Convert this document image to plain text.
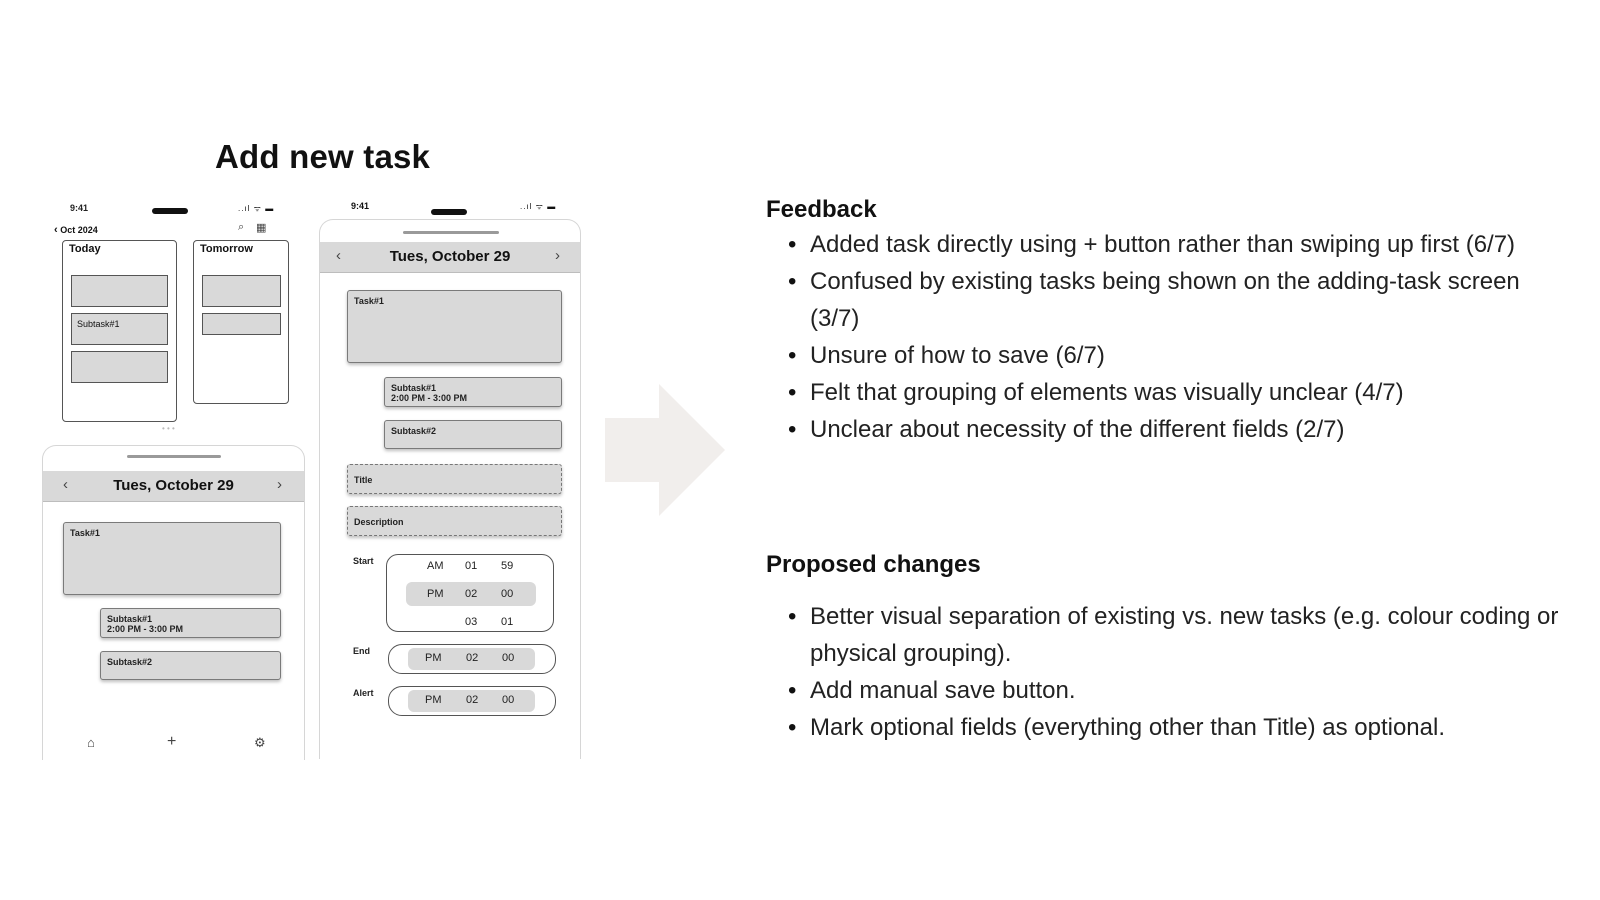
Add new task
9:41	..ıl ᯤ ▬
‹ Oct 2024	⌕ ▦
Today
Subtask#1
Tomorrow
• • •
‹	Tues, October 29	›
Task#1
Subtask#1
2:00 PM - 3:00 PM
Subtask#2
⌂	+	⚙
9:41	..ıl ᯤ ▬
‹	Tues, October 29	›
Task#1
Subtask#1
2:00 PM - 3:00 PM
Subtask#2
Title
Description
Start	AM 01 59
PM 02 00
03 01
End
PM 02 00
Alert
PM 02 00
Feedback
• Added task directly using + button rather than swiping up first (6/7)
• Confused by existing tasks being shown on the adding-task screen (3/7)
• Unsure of how to save (6/7)
• Felt that grouping of elements was visually unclear (4/7)
• Unclear about necessity of the different fields (2/7)
Proposed changes
• Better visual separation of existing vs. new tasks (e.g. colour coding or physical grouping).
• Add manual save button.
• Mark optional fields (everything other than Title) as optional.
